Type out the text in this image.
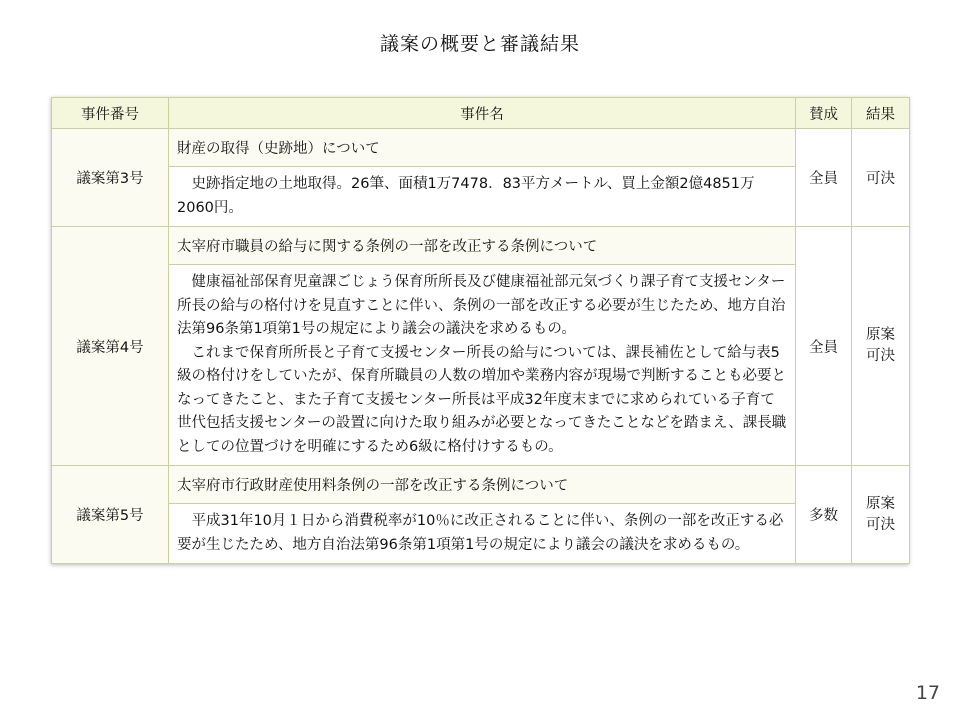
議案の概要と審議結果
事件番号	事件名	賛成	結果
議案第3号	財産の取得（史跡地）について	全員	可決

	史跡指定地の土地取得。26筆、面積1万7478．83平方メートル、買上金額2億4851万2060円。		

議案第4号	太宰府市職員の給与に関する条例の一部を改正する条例について	全員	原案可決

	健康福祉部保育児童課ごじょう保育所所長及び健康福祉部元気づくり課子育て支援センター所長の給与の格付けを見直すことに伴い、条例の一部を改正する必要が生じたため、地方自治法第96条第1項第1号の規定により議会の議決を求めるもの。
これまで保育所所長と子育て支援センター所長の給与については、課長補佐として給与表5級の格付けをしていたが、保育所職員の人数の増加や業務内容が現場で判断することも必要となってきたこと、また子育て支援センター所長は平成32年度末までに求められている子育て世代包括支援センターの設置に向けた取り組みが必要となってきたことなどを踏まえ、課長職としての位置づけを明確にするため6級に格付けするもの。		

議案第5号	太宰府市行政財産使用料条例の一部を改正する条例について	多数	原案可決

	平成31年10月１日から消費税率が10％に改正されることに伴い、条例の一部を改正する必要が生じたため、地方自治法第96条第1項第1号の規定により議会の議決を求めるもの。		
17
